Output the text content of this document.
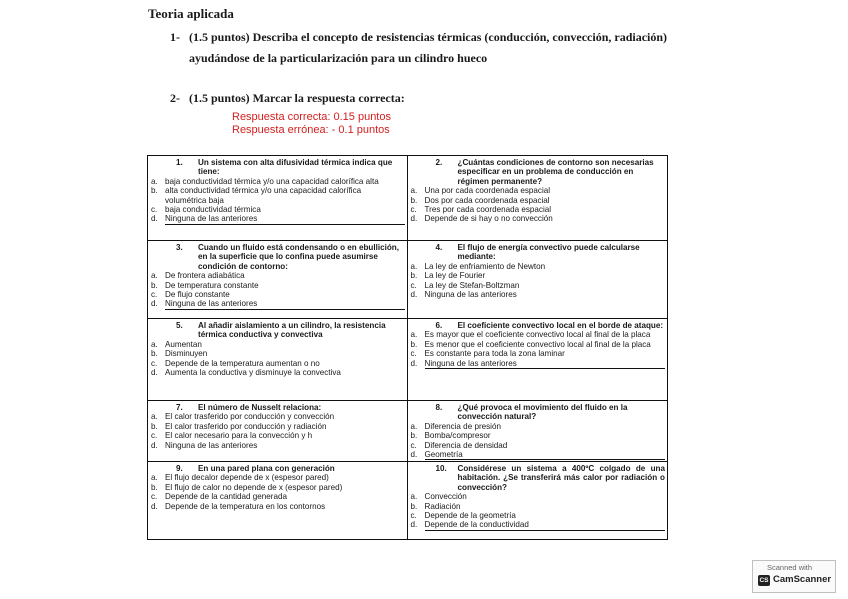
Teoria aplicada
1- (1.5 puntos) Describa el concepto de resistencias térmicas (conducción, convección, radiación)
ayudándose de la particularización para un cilindro hueco
2- (1.5 puntos) Marcar la respuesta correcta:
Respuesta correcta: 0.15 puntos
Respuesta errónea: - 0.1 puntos
1.	Un sistema con alta difusividad térmica indica que tiene:
a. baja conductividad térmica y/o una capacidad calorífica alta
b. alta conductividad térmica y/o una capacidad calorífica volumétrica baja
c. baja conductividad térmica
d. Ninguna de las anteriores
2.	¿Cuántas condiciones de contorno son necesarias especificar en un problema de conducción en régimen permanente?
a. Una por cada coordenada espacial
b. Dos por cada coordenada espacial
c. Tres por cada coordenada espacial
d. Depende de si hay o no convección
3.	Cuando un fluido está condensando o en ebullición, en la superficie que lo confina puede asumirse condición de contorno:
a. De frontera adiabática
b. De temperatura constante
c. De flujo constante
d. Ninguna de las anteriores
4.	El flujo de energía convectivo puede calcularse mediante:
a. La ley de enfriamiento de Newton
b. La ley de Fourier
c. La ley de Stefan-Boltzman
d. Ninguna de las anteriores
5.	Al añadir aislamiento a un cilindro, la resistencia térmica conductiva y convectiva
a. Aumentan
b. Disminuyen
c. Depende de la temperatura aumentan o no
d. Aumenta la conductiva y disminuye la convectiva
6.	El coeficiente convectivo local en el borde de ataque:
a. Es mayor que el coeficiente convectivo local al final de la placa
b. Es menor que el coeficiente convectivo local al final de la placa
c. Es constante para toda la zona laminar
d. Ninguna de las anteriores
7.	El número de Nusselt relaciona:
a. El calor trasferido por conducción y convección
b. El calor trasferido por conducción y radiación
c. El calor necesario para la convección y h
d. Ninguna de las anteriores
8.	¿Qué provoca el movimiento del fluido en la convección natural?
a. Diferencia de presión
b. Bomba/compresor
c. Diferencia de densidad
d. Geometría
9.	En una pared plana con generación
a. El flujo decalor depende de x (espesor pared)
b. El flujo de calor no depende de x (espesor pared)
c. Depende de la cantidad generada
d. Depende de la temperatura en los contornos
10.	Considérese un sistema a 400ºC colgado de una habitación. ¿Se transferirá más calor por radiación o convección?
a. Convección
b. Radiación
c. Depende de la geometría
d. Depende de la conductividad
Scanned with
CS CamScanner
